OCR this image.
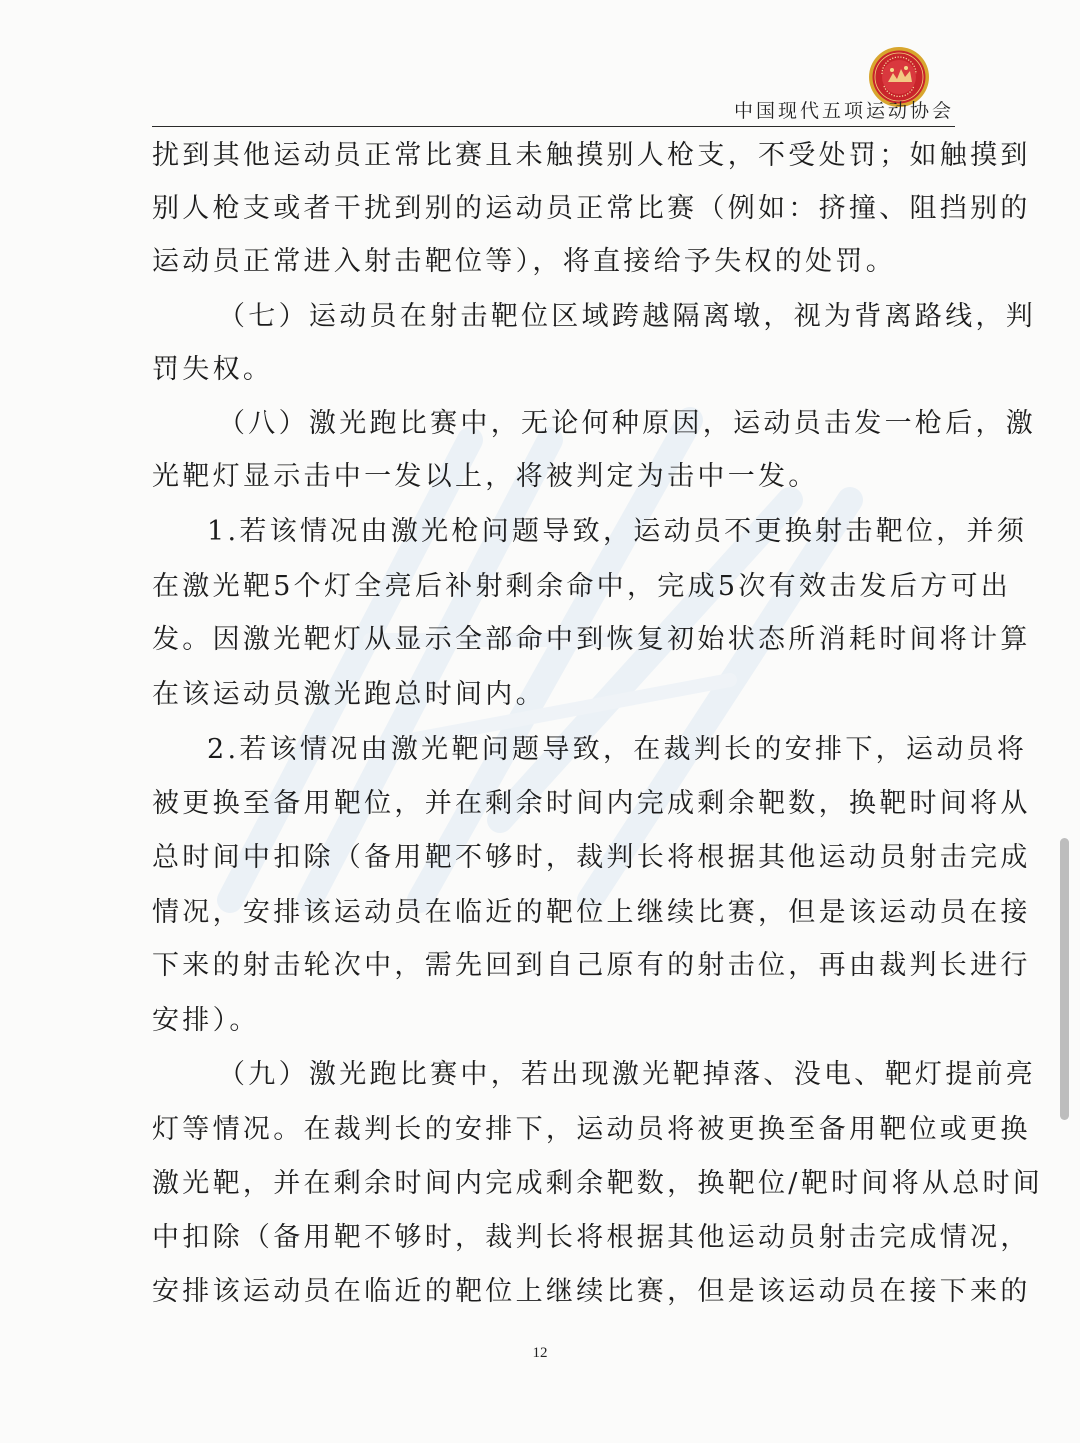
中国现代五项运动协会
扰到其他运动员正常比赛且未触摸别人枪支，不受处罚；如触摸到
别人枪支或者干扰到别的运动员正常比赛（例如：挤撞、阻挡别的
运动员正常进入射击靶位等），将直接给予失权的处罚。
（七）运动员在射击靶位区域跨越隔离墩，视为背离路线，判
罚失权。
（八）激光跑比赛中，无论何种原因，运动员击发一枪后，激
光靶灯显示击中一发以上，将被判定为击中一发。
1.若该情况由激光枪问题导致，运动员不更换射击靶位，并须
在激光靶5个灯全亮后补射剩余命中，完成5次有效击发后方可出
发。因激光靶灯从显示全部命中到恢复初始状态所消耗时间将计算
在该运动员激光跑总时间内。
2.若该情况由激光靶问题导致，在裁判长的安排下，运动员将
被更换至备用靶位，并在剩余时间内完成剩余靶数，换靶时间将从
总时间中扣除（备用靶不够时，裁判长将根据其他运动员射击完成
情况，安排该运动员在临近的靶位上继续比赛，但是该运动员在接
下来的射击轮次中，需先回到自己原有的射击位，再由裁判长进行
安排）。
（九）激光跑比赛中，若出现激光靶掉落、没电、靶灯提前亮
灯等情况。在裁判长的安排下，运动员将被更换至备用靶位或更换
激光靶，并在剩余时间内完成剩余靶数，换靶位/靶时间将从总时间
中扣除（备用靶不够时，裁判长将根据其他运动员射击完成情况，
安排该运动员在临近的靶位上继续比赛，但是该运动员在接下来的
12
